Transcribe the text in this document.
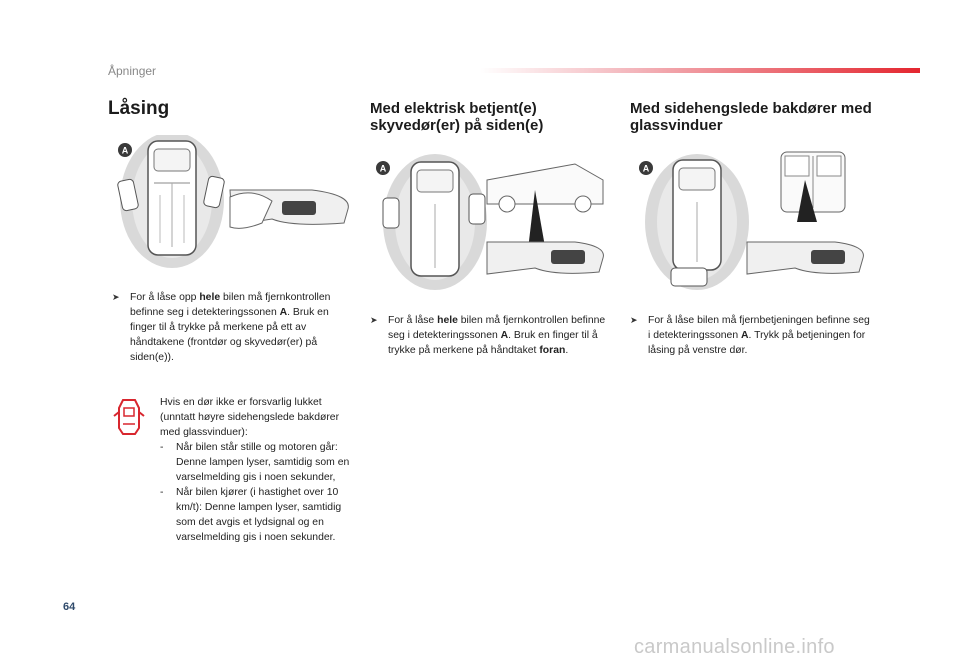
Åpninger
Låsing	Med elektrisk betjent(e) skyvedør(er) på siden(e)
Med sidehengslede bakdører med glassvinduer
A
A	A
➤	For å låse opp hele bilen må fjernkontrollen befinne seg i detekteringssonen A. Bruk en finger til å trykke på merkene på ett av håndtakene (frontdør og skyvedør(er) på siden(e)).
➤	For å låse hele bilen må fjernkontrollen befinne seg i detekteringssonen A. Bruk en finger til å trykke på merkene på håndtaket foran.
➤	For å låse bilen må fjernbetjeningen befinne seg i detekteringssonen A. Trykk på betjeningen for låsing på venstre dør.
Hvis en dør ikke er forsvarlig lukket (unntatt høyre sidehengslede bakdører med glassvinduer):
- Når bilen står stille og motoren går: Denne lampen lyser, samtidig som en varselmelding gis i noen sekunder,
- Når bilen kjører (i hastighet over 10 km/t): Denne lampen lyser, samtidig som det avgis et lydsignal og en varselmelding gis i noen sekunder.
64
carmanualsonline.info
